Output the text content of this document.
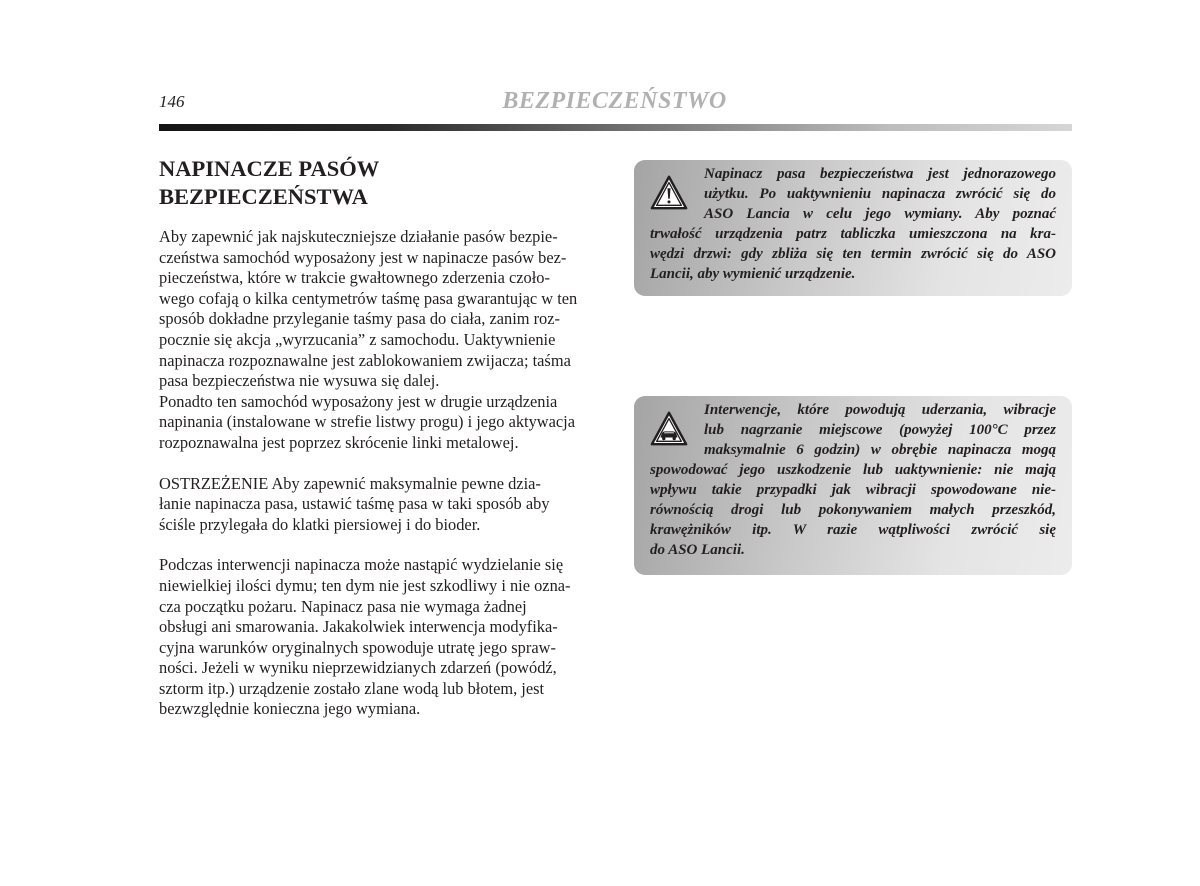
146	BEZPIECZEŃSTWO
NAPINACZE PASÓW
BEZPIECZEŃSTWA

Aby zapewnić jak najskuteczniejsze działanie pasów bezpie-
czeństwa samochód wyposażony jest w napinacze pasów bez-
pieczeństwa, które w trakcie gwałtownego zderzenia czoło-
wego cofają o kilka centymetrów taśmę pasa gwarantując w ten
sposób dokładne przyleganie taśmy pasa do ciała, zanim roz-
pocznie się akcja „wyrzucania” z samochodu. Uaktywnienie
napinacza rozpoznawalne jest zablokowaniem zwijacza; taśma
pasa bezpieczeństwa nie wysuwa się dalej.
Ponadto ten samochód wyposażony jest w drugie urządzenia
napinania (instalowane w strefie listwy progu) i jego aktywacja
rozpoznawalna jest poprzez skrócenie linki metalowej.

OSTRZEŻENIE Aby zapewnić maksymalnie pewne dzia-
łanie napinacza pasa, ustawić taśmę pasa w taki sposób aby
ściśle przylegała do klatki piersiowej i do bioder.

Podczas interwencji napinacza może nastąpić wydzielanie się
niewielkiej ilości dymu; ten dym nie jest szkodliwy i nie ozna-
cza początku pożaru. Napinacz pasa nie wymaga żadnej
obsługi ani smarowania. Jakakolwiek interwencja modyfika-
cyjna warunków oryginalnych spowoduje utratę jego spraw-
ności. Jeżeli w wyniku nieprzewidzianych zdarzeń (powódź,
sztorm itp.) urządzenie zostało zlane wodą lub błotem, jest
bezwzględnie konieczna jego wymiana.

Napinacz pasa bezpieczeństwa jest jednorazowego
użytku. Po uaktywnieniu napinacza zwrócić się do
ASO Lancia w celu jego wymiany. Aby poznać
trwałość urządzenia patrz tabliczka umieszczona na kra-
wędzi drzwi: gdy zbliża się ten termin zwrócić się do ASO
Lancii, aby wymienić urządzenie.

Interwencje, które powodują uderzania, wibracje
lub nagrzanie miejscowe (powyżej 100°C przez
maksymalnie 6 godzin) w obrębie napinacza mogą
spowodować jego uszkodzenie lub uaktywnienie: nie mają
wpływu takie przypadki jak wibracji spowodowane nie-
równością drogi lub pokonywaniem małych przeszkód,
krawężników itp. W razie wątpliwości zwrócić się
do ASO Lancii.
